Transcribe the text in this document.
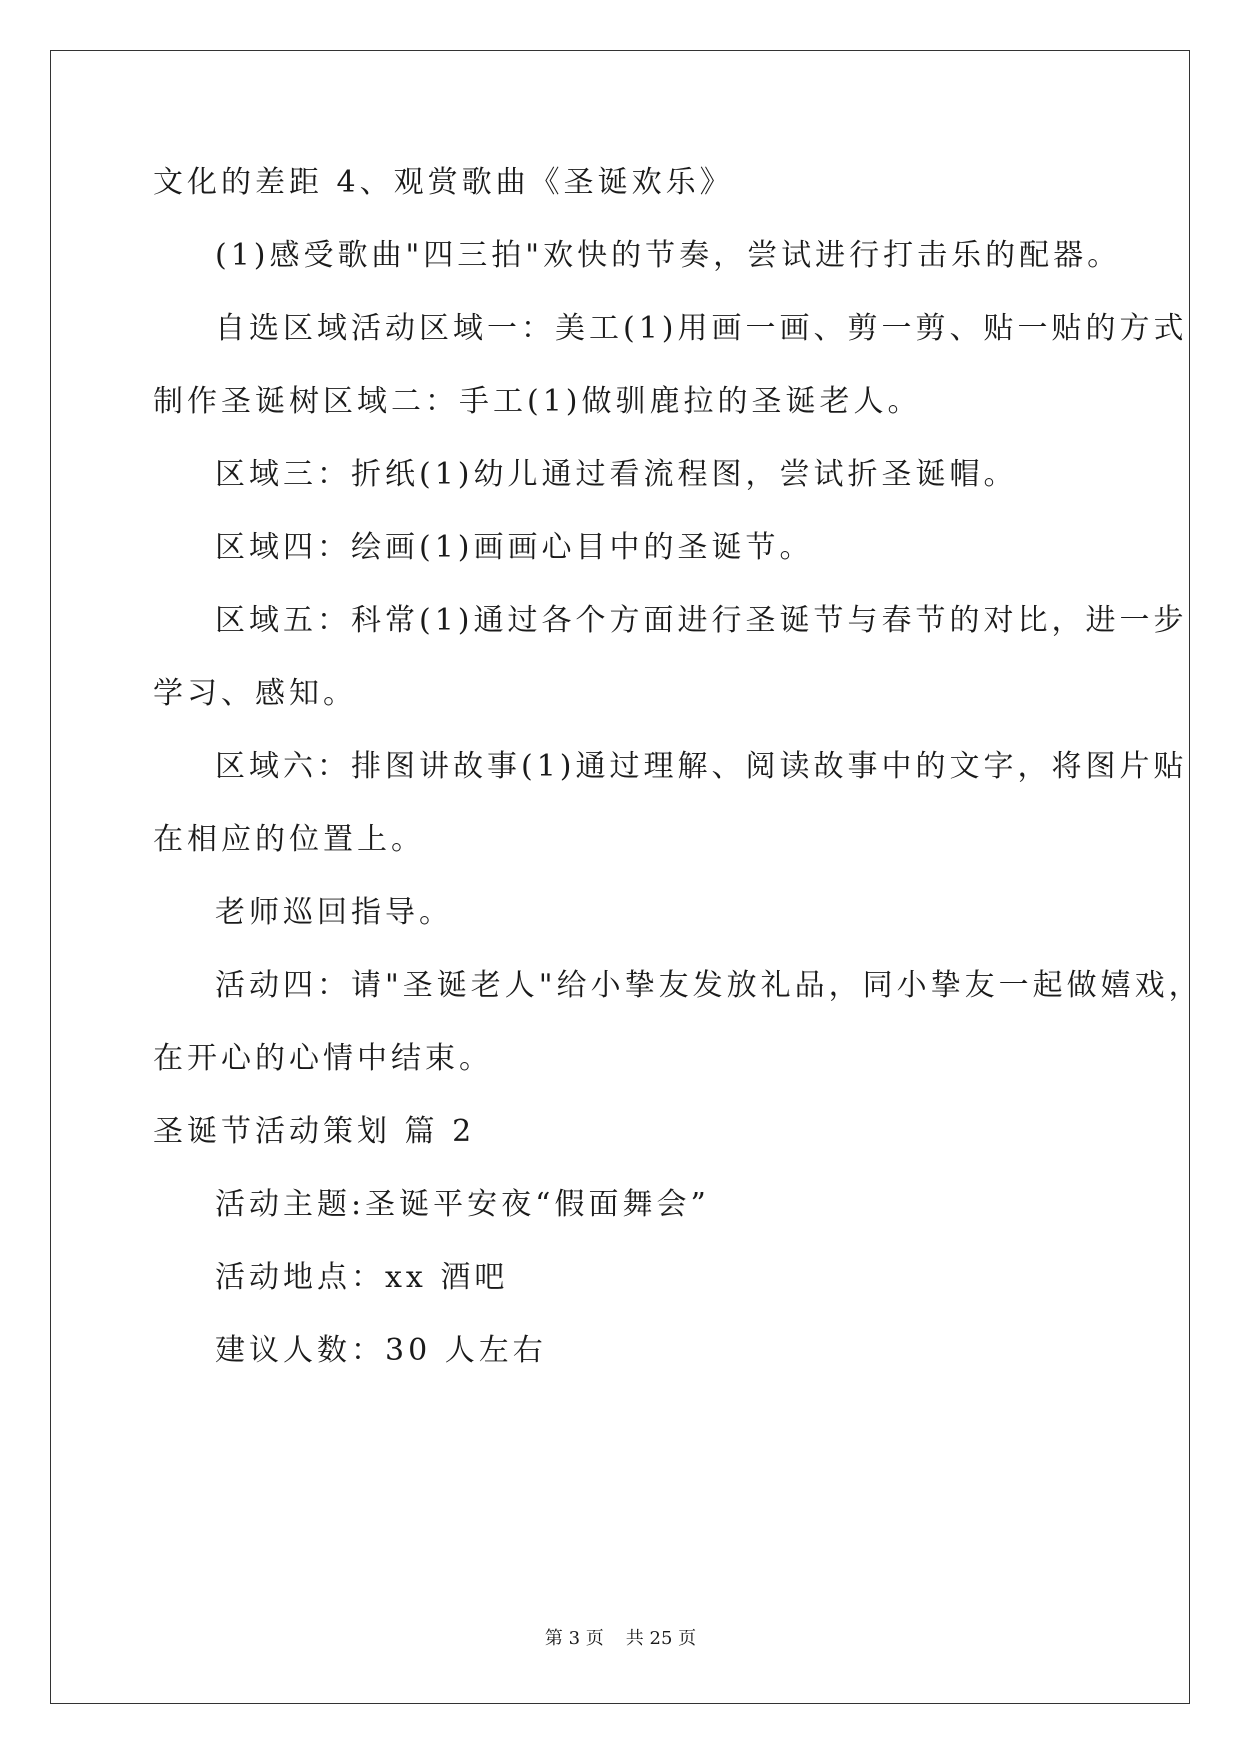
文化的差距 4、观赏歌曲《圣诞欢乐》
(1)感受歌曲"四三拍"欢快的节奏，尝试进行打击乐的配器。
自选区域活动区域一：美工(1)用画一画、剪一剪、贴一贴的方式
制作圣诞树区域二：手工(1)做驯鹿拉的圣诞老人。
区域三：折纸(1)幼儿通过看流程图，尝试折圣诞帽。
区域四：绘画(1)画画心目中的圣诞节。
区域五：科常(1)通过各个方面进行圣诞节与春节的对比，进一步
学习、感知。
区域六：排图讲故事(1)通过理解、阅读故事中的文字，将图片贴
在相应的位置上。
老师巡回指导。
活动四：请"圣诞老人"给小挚友发放礼品，同小挚友一起做嬉戏，
在开心的心情中结束。
圣诞节活动策划 篇 2
活动主题:圣诞平安夜“假面舞会”
活动地点：xx 酒吧
建议人数：30 人左右
第 3 页 共 25 页
